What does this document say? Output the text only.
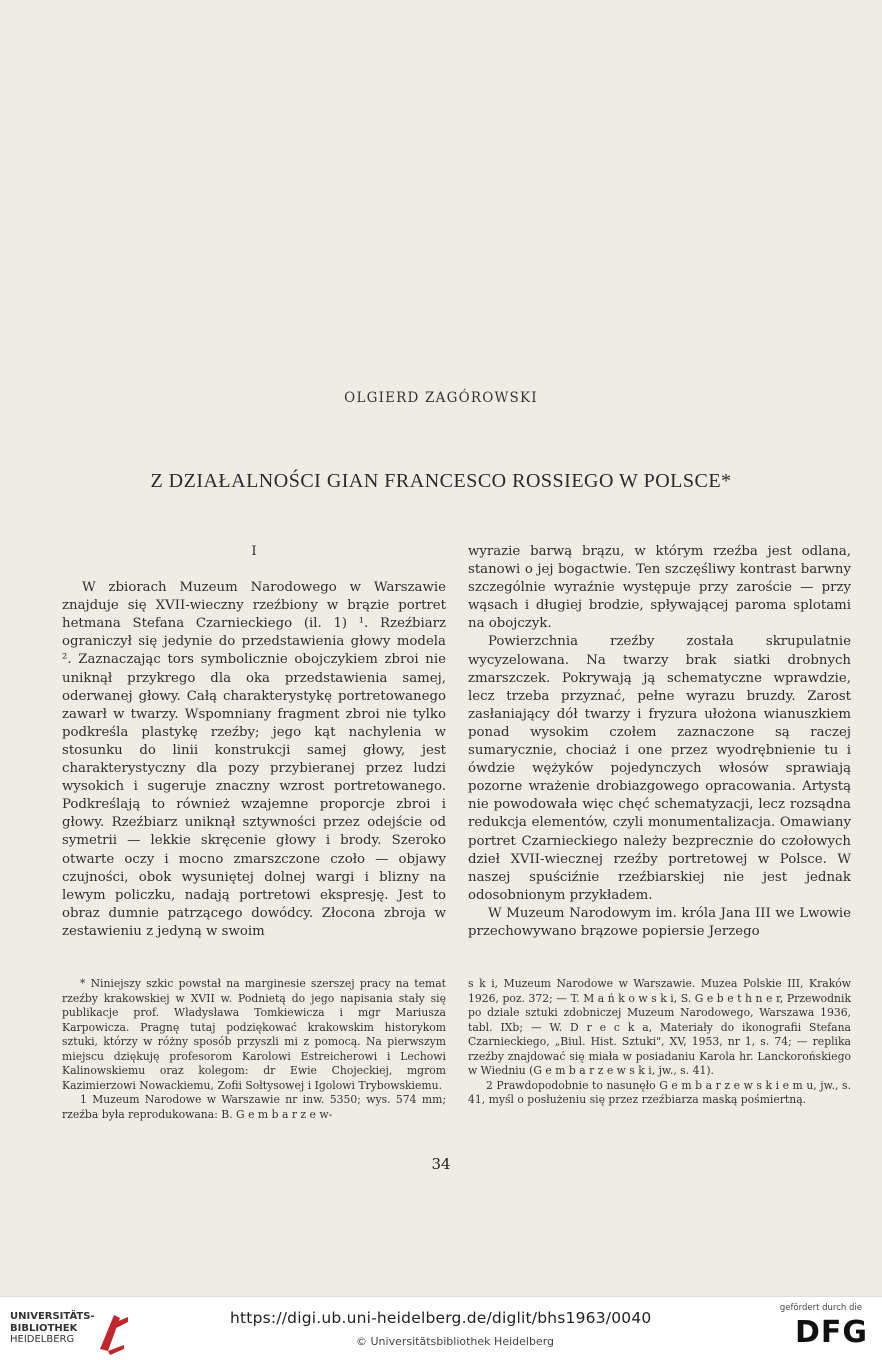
OLGIERD ZAGÓROWSKI
Z DZIAŁALNOŚCI GIAN FRANCESCO ROSSIEGO W POLSCE*
I

W zbiorach Muzeum Narodowego w Warszawie znajduje się XVII-wieczny rzeźbiony w brązie portret hetmana Stefana Czarnieckiego (il. 1) ¹. Rzeźbiarz ograniczył się jedynie do przedstawienia głowy modela ². Zaznaczając tors symbolicznie obojczykiem zbroi nie uniknął przykrego dla oka przedstawienia samej, oderwanej głowy. Całą charakterystykę portretowanego zawarł w twarzy. Wspomniany fragment zbroi nie tylko podkreśla plastykę rzeźby; jego kąt nachylenia w stosunku do linii konstrukcji samej głowy, jest charakterystyczny dla pozy przybieranej przez ludzi wysokich i sugeruje znaczny wzrost portretowanego. Podkreślają to również wzajemne proporcje zbroi i głowy. Rzeźbiarz uniknął sztywności przez odejście od symetrii — lekkie skręcenie głowy i brody. Szeroko otwarte oczy i mocno zmarszczone czoło — objawy czujności, obok wysuniętej dolnej wargi i blizny na lewym policzku, nadają portretowi ekspresję. Jest to obraz dumnie patrzącego dowódcy. Złocona zbroja w zestawieniu z jedyną w swoim

wyrazie barwą brązu, w którym rzeźba jest odlana, stanowi o jej bogactwie. Ten szczęśliwy kontrast barwny szczególnie wyraźnie występuje przy zaroście — przy wąsach i długiej brodzie, spływającej paroma splotami na obojczyk.

Powierzchnia rzeźby została skrupulatnie wycyzelowana. Na twarzy brak siatki drobnych zmarszczek. Pokrywają ją schematyczne wprawdzie, lecz trzeba przyznać, pełne wyrazu bruzdy. Zarost zasłaniający dół twarzy i fryzura ułożona wianuszkiem ponad wysokim czołem zaznaczone są raczej sumarycznie, chociaż i one przez wyodrębnienie tu i ówdzie wężyków pojedynczych włosów sprawiają pozorne wrażenie drobiazgowego opracowania. Artystą nie powodowała więc chęć schematyzacji, lecz rozsądna redukcja elementów, czyli monumentalizacja. Omawiany portret Czarnieckiego należy bezprecznie do czołowych dzieł XVII-wiecznej rzeźby portretowej w Polsce. W naszej spuściźnie rzeźbiarskiej nie jest jednak odosobnionym przykładem.

W Muzeum Narodowym im. króla Jana III we Lwowie przechowywano brązowe popiersie Jerzego

* Niniejszy szkic powstał na marginesie szerszej pracy na temat rzeźby krakowskiej w XVII w. Podnietą do jego napisania stały się publikacje prof. Władysława Tomkiewicza i mgr Mariusza Karpowicza. Pragnę tutaj podziękować krakowskim historykom sztuki, którzy w różny sposób przyszli mi z pomocą. Na pierwszym miejscu dziękuję profesorom Karolowi Estreicherowi i Lechowi Kalinowskiemu oraz kolegom: dr Ewie Chojeckiej, mgrom Kazimierzowi Nowackiemu, Zofii Sołtysowej i Igolowi Trybowskiemu.

1 Muzeum Narodowe w Warszawie nr inw. 5350; wys. 574 mm; rzeźba była reprodukowana: B. G e m b a r z e w-

s k i, Muzeum Narodowe w Warszawie. Muzea Polskie III, Kraków 1926, poz. 372; — T. M a ń k o w s k i, S. G e b e t h n e r, Przewodnik po dziale sztuki zdobniczej Muzeum Narodowego, Warszawa 1936, tabl. IXb; — W. D r e c k a, Materiały do ikonografii Stefana Czarnieckiego, „Biul. Hist. Sztuki", XV, 1953, nr 1, s. 74; — replika rzeźby znajdować się miała w posiadaniu Karola hr. Lanckorońskiego w Wiedniu (G e m b a r z e w s k i, jw., s. 41).

2 Prawdopodobnie to nasunęło G e m b a r z e w s k i e m u, jw., s. 41, myśl o posłużeniu się przez rzeźbiarza maską pośmiertną.

34
UNIVERSITÄTS-
BIBLIOTHEK
HEIDELBERG
https://digi.ub.uni-heidelberg.de/diglit/bhs1963/0040
© Universitätsbibliothek Heidelberg
gefördert durch die
DFG
